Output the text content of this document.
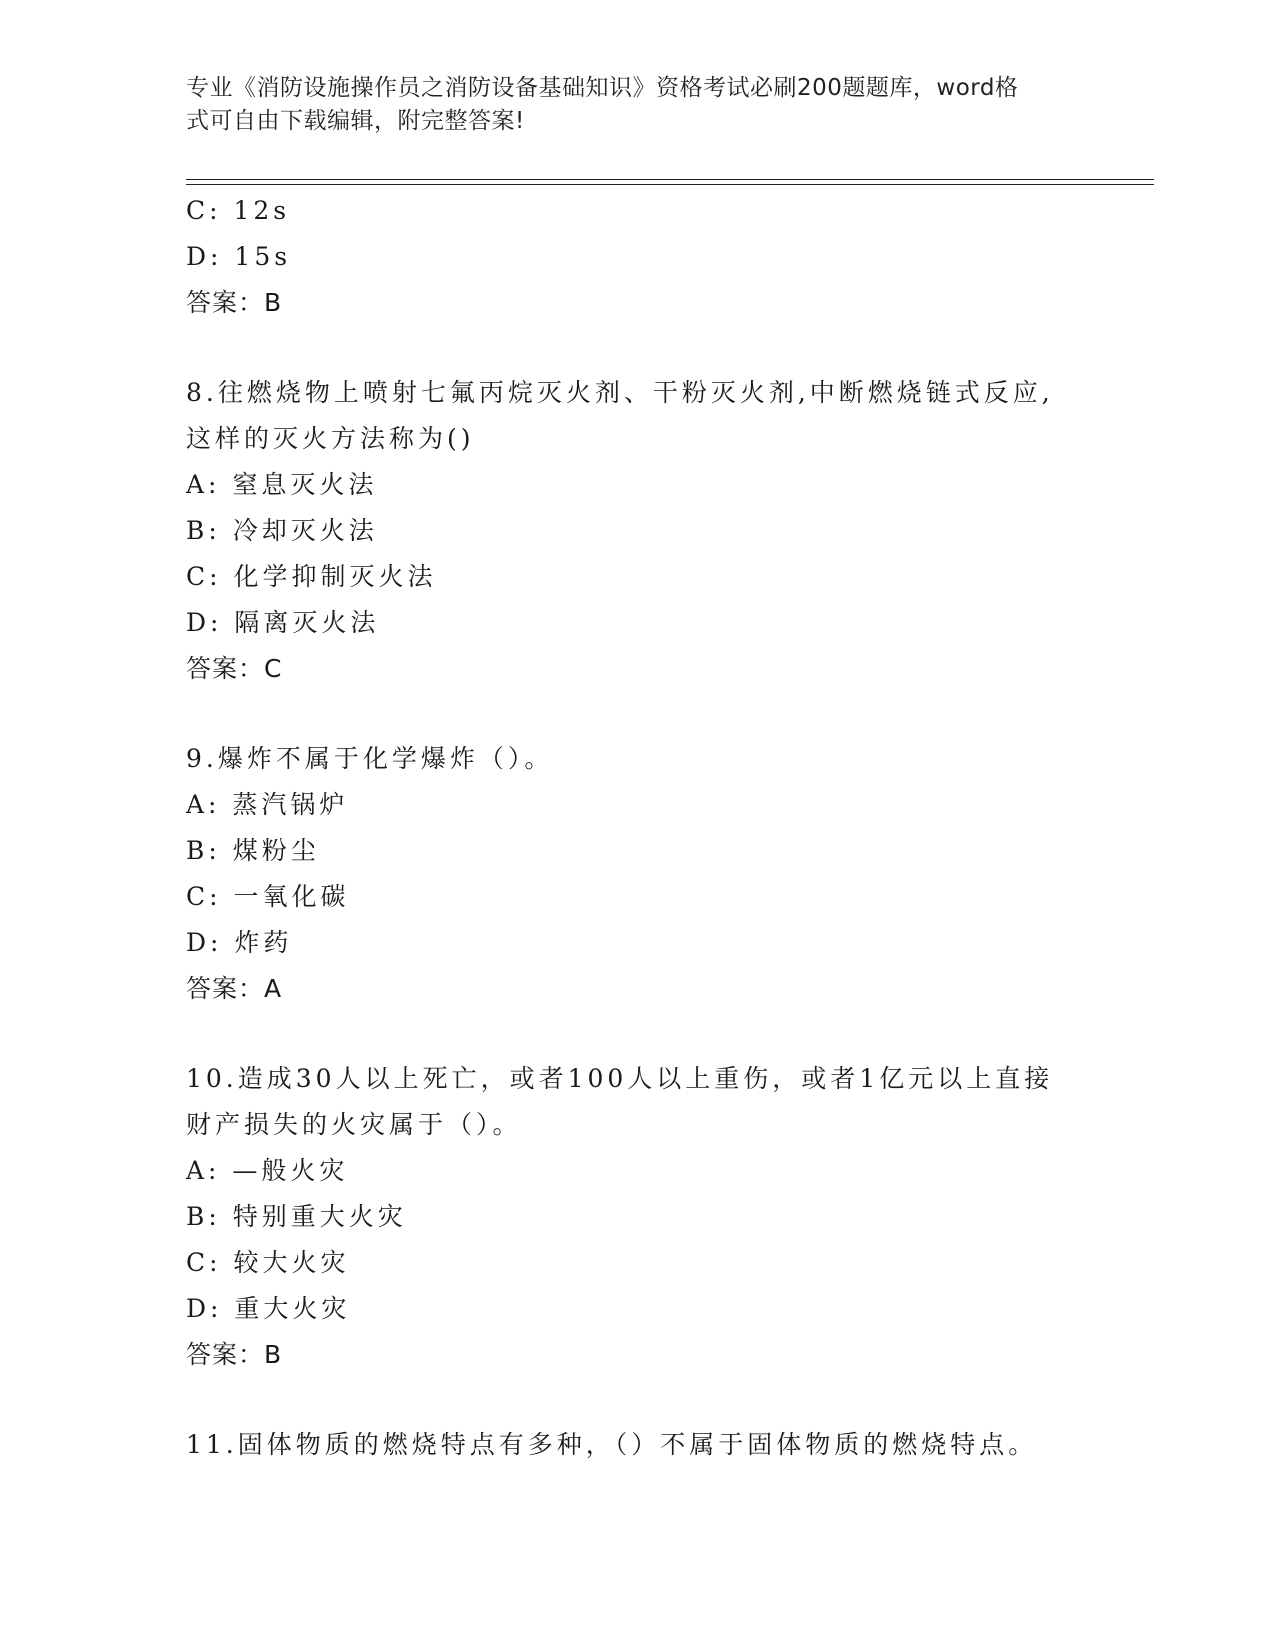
专业《消防设施操作员之消防设备基础知识》资格考试必刷200题题库，word格
式可自由下载编辑，附完整答案!
C: 12s
D: 15s
答案：B
8.往燃烧物上喷射七氟丙烷灭火剂、干粉灭火剂,中断燃烧链式反应,
这样的灭火方法称为()
A: 窒息灭火法
B: 冷却灭火法
C: 化学抑制灭火法
D: 隔离灭火法
答案：C
9.爆炸不属于化学爆炸（）。
A: 蒸汽锅炉
B: 煤粉尘
C: 一氧化碳
D: 炸药
答案：A
10.造成30人以上死亡，或者100人以上重伤，或者1亿元以上直接
财产损失的火灾属于（）。
A: —般火灾
B: 特别重大火灾
C: 较大火灾
D: 重大火灾
答案：B
11.固体物质的燃烧特点有多种，（）不属于固体物质的燃烧特点。
